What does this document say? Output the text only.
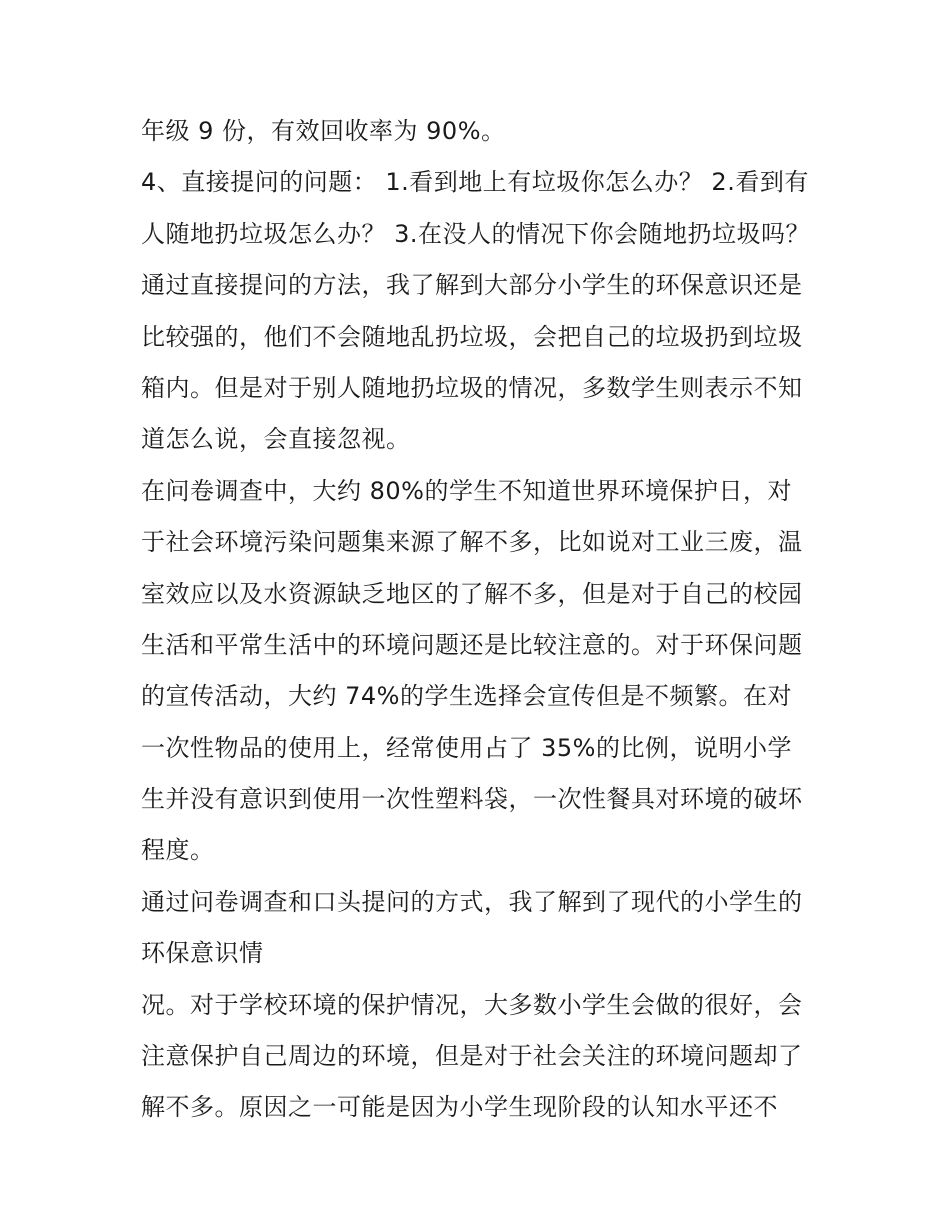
年级 9 份，有效回收率为 90%。
4、直接提问的问题： 1.看到地上有垃圾你怎么办？ 2.看到有
人随地扔垃圾怎么办？ 3.在没人的情况下你会随地扔垃圾吗？
通过直接提问的方法，我了解到大部分小学生的环保意识还是
比较强的，他们不会随地乱扔垃圾，会把自己的垃圾扔到垃圾
箱内。但是对于别人随地扔垃圾的情况，多数学生则表示不知
道怎么说，会直接忽视。
在问卷调查中，大约 80%的学生不知道世界环境保护日，对
于社会环境污染问题集来源了解不多，比如说对工业三废，温
室效应以及水资源缺乏地区的了解不多，但是对于自己的校园
生活和平常生活中的环境问题还是比较注意的。对于环保问题
的宣传活动，大约 74%的学生选择会宣传但是不频繁。在对
一次性物品的使用上，经常使用占了 35%的比例，说明小学
生并没有意识到使用一次性塑料袋，一次性餐具对环境的破坏
程度。
通过问卷调查和口头提问的方式，我了解到了现代的小学生的
环保意识情
况。对于学校环境的保护情况，大多数小学生会做的很好，会
注意保护自己周边的环境，但是对于社会关注的环境问题却了
解不多。原因之一可能是因为小学生现阶段的认知水平还不
